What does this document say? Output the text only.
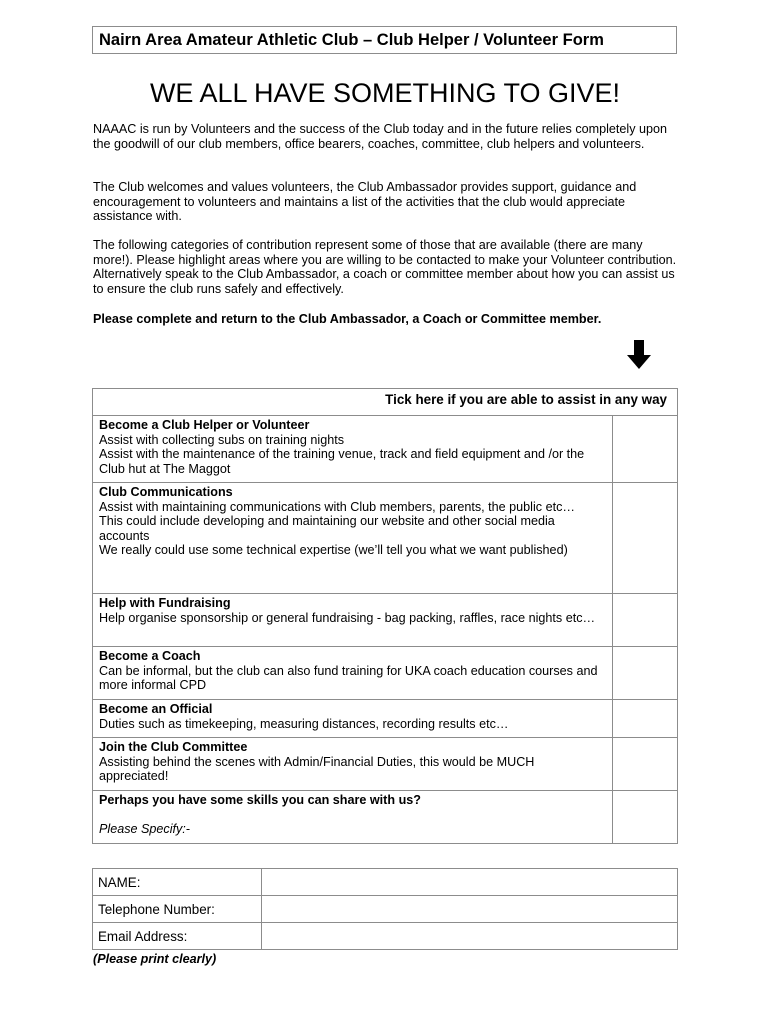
Nairn Area Amateur Athletic Club – Club Helper / Volunteer Form
WE ALL HAVE SOMETHING TO GIVE!

NAAAC is run by Volunteers and the success of the Club today and in the future relies completely upon the goodwill of our club members, office bearers, coaches, committee, club helpers and volunteers.

The Club welcomes and values volunteers, the Club Ambassador provides support, guidance and encouragement to volunteers and maintains a list of the activities that the club would appreciate assistance with.

The following categories of contribution represent some of those that are available (there are many more!). Please highlight areas where you are willing to be contacted to make your Volunteer contribution. Alternatively speak to the Club Ambassador, a coach or committee member about how you can assist us to ensure the club runs safely and effectively.

Please complete and return to the Club Ambassador, a Coach or Committee member.

Tick here if you are able to assist in any way	

Become a Club Helper or Volunteer
Assist with collecting subs on training nights
Assist with the maintenance of the training venue, track and field equipment and /or the Club hut at The Maggot	

Club Communications
Assist with maintaining communications with Club members, parents, the public etc…
This could include developing and maintaining our website and other social media accounts
We really could use some technical expertise (we’ll tell you what we want published)	

Help with Fundraising
Help organise sponsorship or general fundraising - bag packing, raffles, race nights etc…	

Become a Coach
Can be informal, but the club can also fund training for UKA coach education courses and more informal CPD	

Become an Official
Duties such as timekeeping, measuring distances, recording results etc…	

Join the Club Committee
Assisting behind the scenes with Admin/Financial Duties, this would be MUCH appreciated!	

Perhaps you have some skills you can share with us?
Please Specify:-	

NAME:	
Telephone Number:	
Email Address:	
(Please print clearly)
